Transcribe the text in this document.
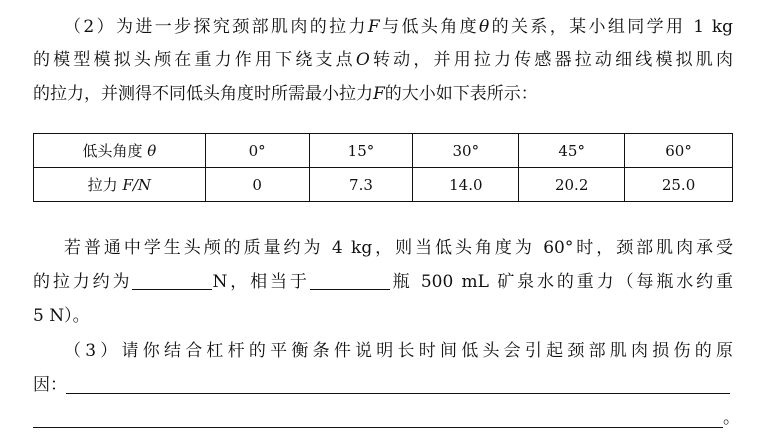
（2）为进一步探究颈部肌肉的拉力F与低头角度θ的关系，某小组同学用 1 kg
的模型模拟头颅在重力作用下绕支点O转动，并用拉力传感器拉动细线模拟肌肉
的拉力，并测得不同低头角度时所需最小拉力F的大小如下表所示：
低头角度 θ	0°	15°	30°	45°	60°
拉力 F/N	0	7.3	14.0	20.2	25.0
若普通中学生头颅的质量约为 4 kg，则当低头角度为 60°时，颈部肌肉承受
的拉力约为	N，相当于	瓶 500 mL 矿泉水的重力（每瓶水约重
5 N）。
（3）请你结合杠杆的平衡条件说明长时间低头会引起颈部肌肉损伤的原
因：
。
